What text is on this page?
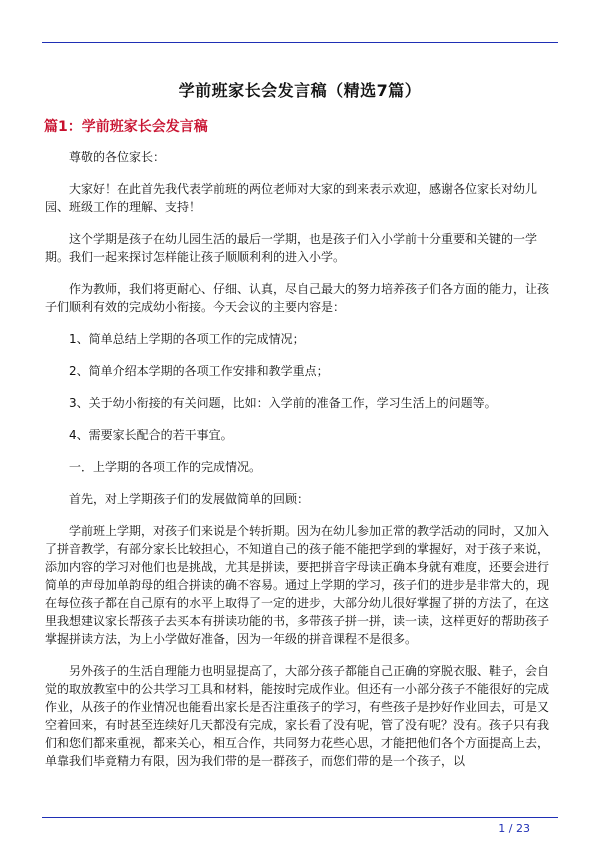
学前班家长会发言稿（精选7篇）
篇1：学前班家长会发言稿

尊敬的各位家长：

大家好！在此首先我代表学前班的两位老师对大家的到来表示欢迎，感谢各位家长对幼儿园、班级工作的理解、支持！

这个学期是孩子在幼儿园生活的最后一学期，也是孩子们入小学前十分重要和关键的一学期。我们一起来探讨怎样能让孩子顺顺利利的进入小学。

作为教师，我们将更耐心、仔细、认真，尽自己最大的努力培养孩子们各方面的能力，让孩子们顺利有效的完成幼小衔接。今天会议的主要内容是：

1、简单总结上学期的各项工作的完成情况；

2、简单介绍本学期的各项工作安排和教学重点；

3、关于幼小衔接的有关问题，比如：入学前的准备工作，学习生活上的问题等。

4、需要家长配合的若干事宜。

一．上学期的各项工作的完成情况。

首先，对上学期孩子们的发展做简单的回顾：

学前班上学期，对孩子们来说是个转折期。因为在幼儿参加正常的教学活动的同时，又加入了拼音教学，有部分家长比较担心，不知道自己的孩子能不能把学到的掌握好，对于孩子来说，添加内容的学习对他们也是挑战，尤其是拼读，要把拼音字母读正确本身就有难度，还要会进行简单的声母加单韵母的组合拼读的确不容易。通过上学期的学习，孩子们的进步是非常大的，现在每位孩子都在自己原有的水平上取得了一定的进步，大部分幼儿很好掌握了拼的方法了，在这里我想建议家长帮孩子去买本有拼读功能的书，多带孩子拼一拼，读一读，这样更好的帮助孩子掌握拼读方法，为上小学做好准备，因为一年级的拼音课程不是很多。

另外孩子的生活自理能力也明显提高了，大部分孩子都能自己正确的穿脱衣服、鞋子，会自觉的取放教室中的公共学习工具和材料，能按时完成作业。但还有一小部分孩子不能很好的完成作业，从孩子的作业情况也能看出家长是否注重孩子的学习，有些孩子是抄好作业回去，可是又空着回来，有时甚至连续好几天都没有完成，家长看了没有呢，管了没有呢？没有。孩子只有我们和您们都来重视，都来关心，相互合作，共同努力花些心思，才能把他们各个方面提高上去，单靠我们毕竟精力有限，因为我们带的是一群孩子，而您们带的是一个孩子，以

1 / 23
